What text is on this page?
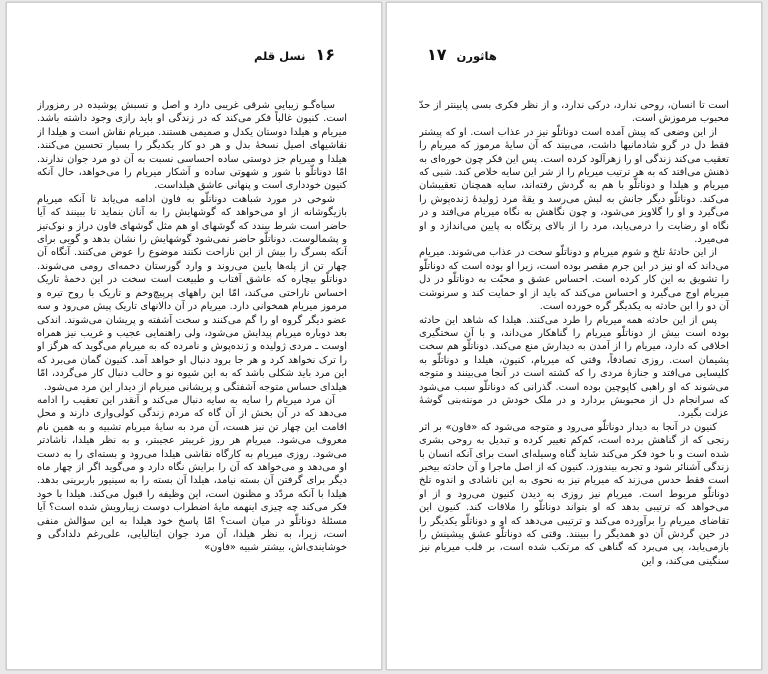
۱۶
نسل قلم

سیاه‌گـو زیبایی شرقی غریبی دارد و اصل و نسبش پوشیده در رمزوراز است. کنیون غالباً فکر می‌کند که در زندگی او باید رازی وجود داشته باشد. میریام و هیلدا دوستان یکدل و صمیمی هستند. میریام نقاش است و هیلدا از نقاشیهای اصیل نسخهٔ بدل و هر دو کار یکدیگر را بسیار تحسین می‌کنند. هیلدا و میریام جز دوستی ساده احساسی نسبت به آن دو مرد جوان ندارند. امّا دوناتلّو با شور و شهوتی ساده و آشکار میریام را می‌خواهد، حال آنکه کنیون خودداری است و پنهانی عاشق هیلداست.

شوخی در مورد شباهت دوناتلّو به فاون ادامه می‌یابد تا آنکه میریام بازیگوشانه از او می‌خواهد که گوشهایش را به آنان بنماید تا ببینند که آیا حاضر است شرط ببندد که گوشهای او هم مثل گوشهای فاون دراز و نوک‌تیز و پشمالوست. دوناتلّو حاضر نمی‌شود گوشهایش را نشان بدهد و گویی برای آنکه بسرگ را بیش از این ناراحت نکنند موضوع را عوض می‌کنند. آنگاه آن چهار تن از پله‌ها پایین می‌روند و وارد گورستان دخمه‌ای رومی می‌شوند. دوناتلّو بیچاره که عاشق آفتاب و طبیعت است سخت در این دخمهٔ تاریک احساس ناراحتی می‌کند، امّا این راههای پرپیچ‌وخم و تاریک با روح تیره و مرموز میریام همخوانی دارد. میریام در آن دالانهای تاریک پیش می‌رود و سه عضو دیگر گروه او را گم می‌کنند و سخت آشفته و پریشان می‌شوند. اندکی بعد دوباره میریام پیدایش می‌شود، ولی راهنمایی عجیب و غریب نیز همراه اوست ـ مردی ژولیده و ژنده‌پوش و نامرده که به میریام می‌گوید که هرگز او را ترک نخواهد کرد و هر جا برود دنبال او خواهد آمد. کنیون گمان می‌برد که این مرد باید شکلی باشد که به این شیوه نو و حالب دنبال کار می‌گردد، امّا هیلدای حساس متوجه آشفتگی و پریشانی میریام از دیدار این مرد می‌شود.

آن مرد میریام را سایه به سایه دنبال می‌کند و آنقدر این تعقیب را ادامه می‌دهد که در آن بخش از آن گاه که مردم زندگی کولی‌واری دارند و محل اقامت این چهار تن نیز هست، آن مرد به سایهٔ میریام تشبیه و به همین نام معروف می‌شود. میریام هر روز غریبتر عجیبتر، و به نظر هیلدا، ناشادتر می‌شود. روزی میریام به کارگاه نقاشی هیلدا می‌رود و بسته‌ای را به دست او می‌دهد و می‌خواهد که آن را برایش نگاه دارد و می‌گوید اگر از چهار ماه دیگر برای گرفتن آن بسته نیامد، هیلدا آن بسته را به سینیور باربرینی بدهد. هیلدا با آنکه مردّد و مظنون است، این وظیفه را قبول می‌کند. هیلدا با خود فکر می‌کند چه چیزی اینهمه مایهٔ اضطراب دوست زیبارویش شده است؟ آیا مسئلهٔ دوناتلّو در میان است؟ امّا پاسخ خود هیلدا به این سؤالش منفی است، زیرا، به نظر هیلدا، آن مرد جوان ایتالیایی، علی‌رغم دلدادگی و خوشایندی‌اش، بیشتر شبیه «فاون»

هاثورن
۱۷

است تا انسان، روحی ندارد، درکی ندارد، و از نظر فکری بسی پایینتر از حدّ محبوب مرموزش است.

از این وضعی که پیش آمده است دوناتلّو نیز در عذاب است. او که پیشتر فقط دل در گرو شادمانیها داشت، می‌بیند که آن سایهٔ مرموز که میریام را تعقیب می‌کند زندگی او را زهرآلود کرده است. پس این فکر چون خوره‌ای به ذهنش می‌افتد که به هر ترتیب میریام را از شر این سایه خلاص کند. شبی که میریام و هیلدا و دوناتلّو با هم به گردش رفته‌اند، سایه همچنان تعقیبشان می‌کند. دوناتلّو دیگر جانش به لبش می‌رسد و یقهٔ مرد ژولیدهٔ ژنده‌پوش را می‌گیرد و او را گلاویز می‌شود، و چون نگاهش به نگاه میریام می‌افتد و در نگاه او رضایت را درمی‌یابد، مرد را از بالای پرتگاه به پایین می‌اندازد و او می‌میرد.

از این حادثهٔ تلخ و شوم میریام و دوناتلّو سخت در عذاب می‌شوند. میریام می‌داند که او نیز در این جرم مقصر بوده است، زیرا او بوده است که دوناتلّو را تشویق به این کار کرده است. احساس عشق و محبّت به دوناتلّو در دل میریام اوج می‌گیرد و احساس می‌کند که باید از او حمایت کند و سرنوشت آن دو را این حادثه به یکدیگر گره خورده است.

پس از این حادثه همه میریام را طرد می‌کنند. هیلدا که شاهد این حادثه بوده است بیش از دوناتلّو میریام را گناهکار می‌داند، و با آن سختگیری اخلاقی که دارد، میریام را از آمدن به دیدارش منع می‌کند. دوناتلّو هم سخت پشیمان است. روزی تصادفاً، وقتی که میریام، کنیون، هیلدا و دوناتلّو به کلیسایی می‌افتد و جنازهٔ مردی را که کشته است در آنجا می‌بینند و متوجه می‌شوند که او راهبی کاپوچین بوده است. گذرانی که دوناتلّو سبب می‌شود که سرانجام دل از محبوبش بردارد و در ملک خودش در مونته‌بنی گوشهٔ عزلت بگیرد.

کنیون در آنجا به دیدار دوناتلّو می‌رود و متوجه می‌شود که «فاون» بر اثر رنجی که از گناهش برده است، کم‌کم تغییر کرده و تبدیل به روحی بشری شده است و با خود فکر می‌کند شاید گناه وسیله‌ای است برای آنکه انسان با زندگی آشنائر شود و تجربه بیندوزد. کنیون که از اصل ماجرا و آن حادثه بیخبر است فقط حدس می‌زند که میریام نیز به نحوی به این ناشادی و اندوه تلخ دوناتلّو مربوط است. میریام نیز روزی به دیدن کنیون می‌رود و از او می‌خواهد که ترتیبی بدهد که او بتواند دوناتلّو را ملاقات کند. کنیون این تقاضای میریام را برآورده می‌کند و ترتیبی می‌دهد که او و دوناتلّو یکدیگر را در حین گردش آن دو همدیگر را ببینند. وقتی که دوناتلّو عشق پیشینش را بازمی‌یابد، پی می‌برد که گناهی که مرتکب شده است، بر قلب میریام نیز سنگینی می‌کند، و این
